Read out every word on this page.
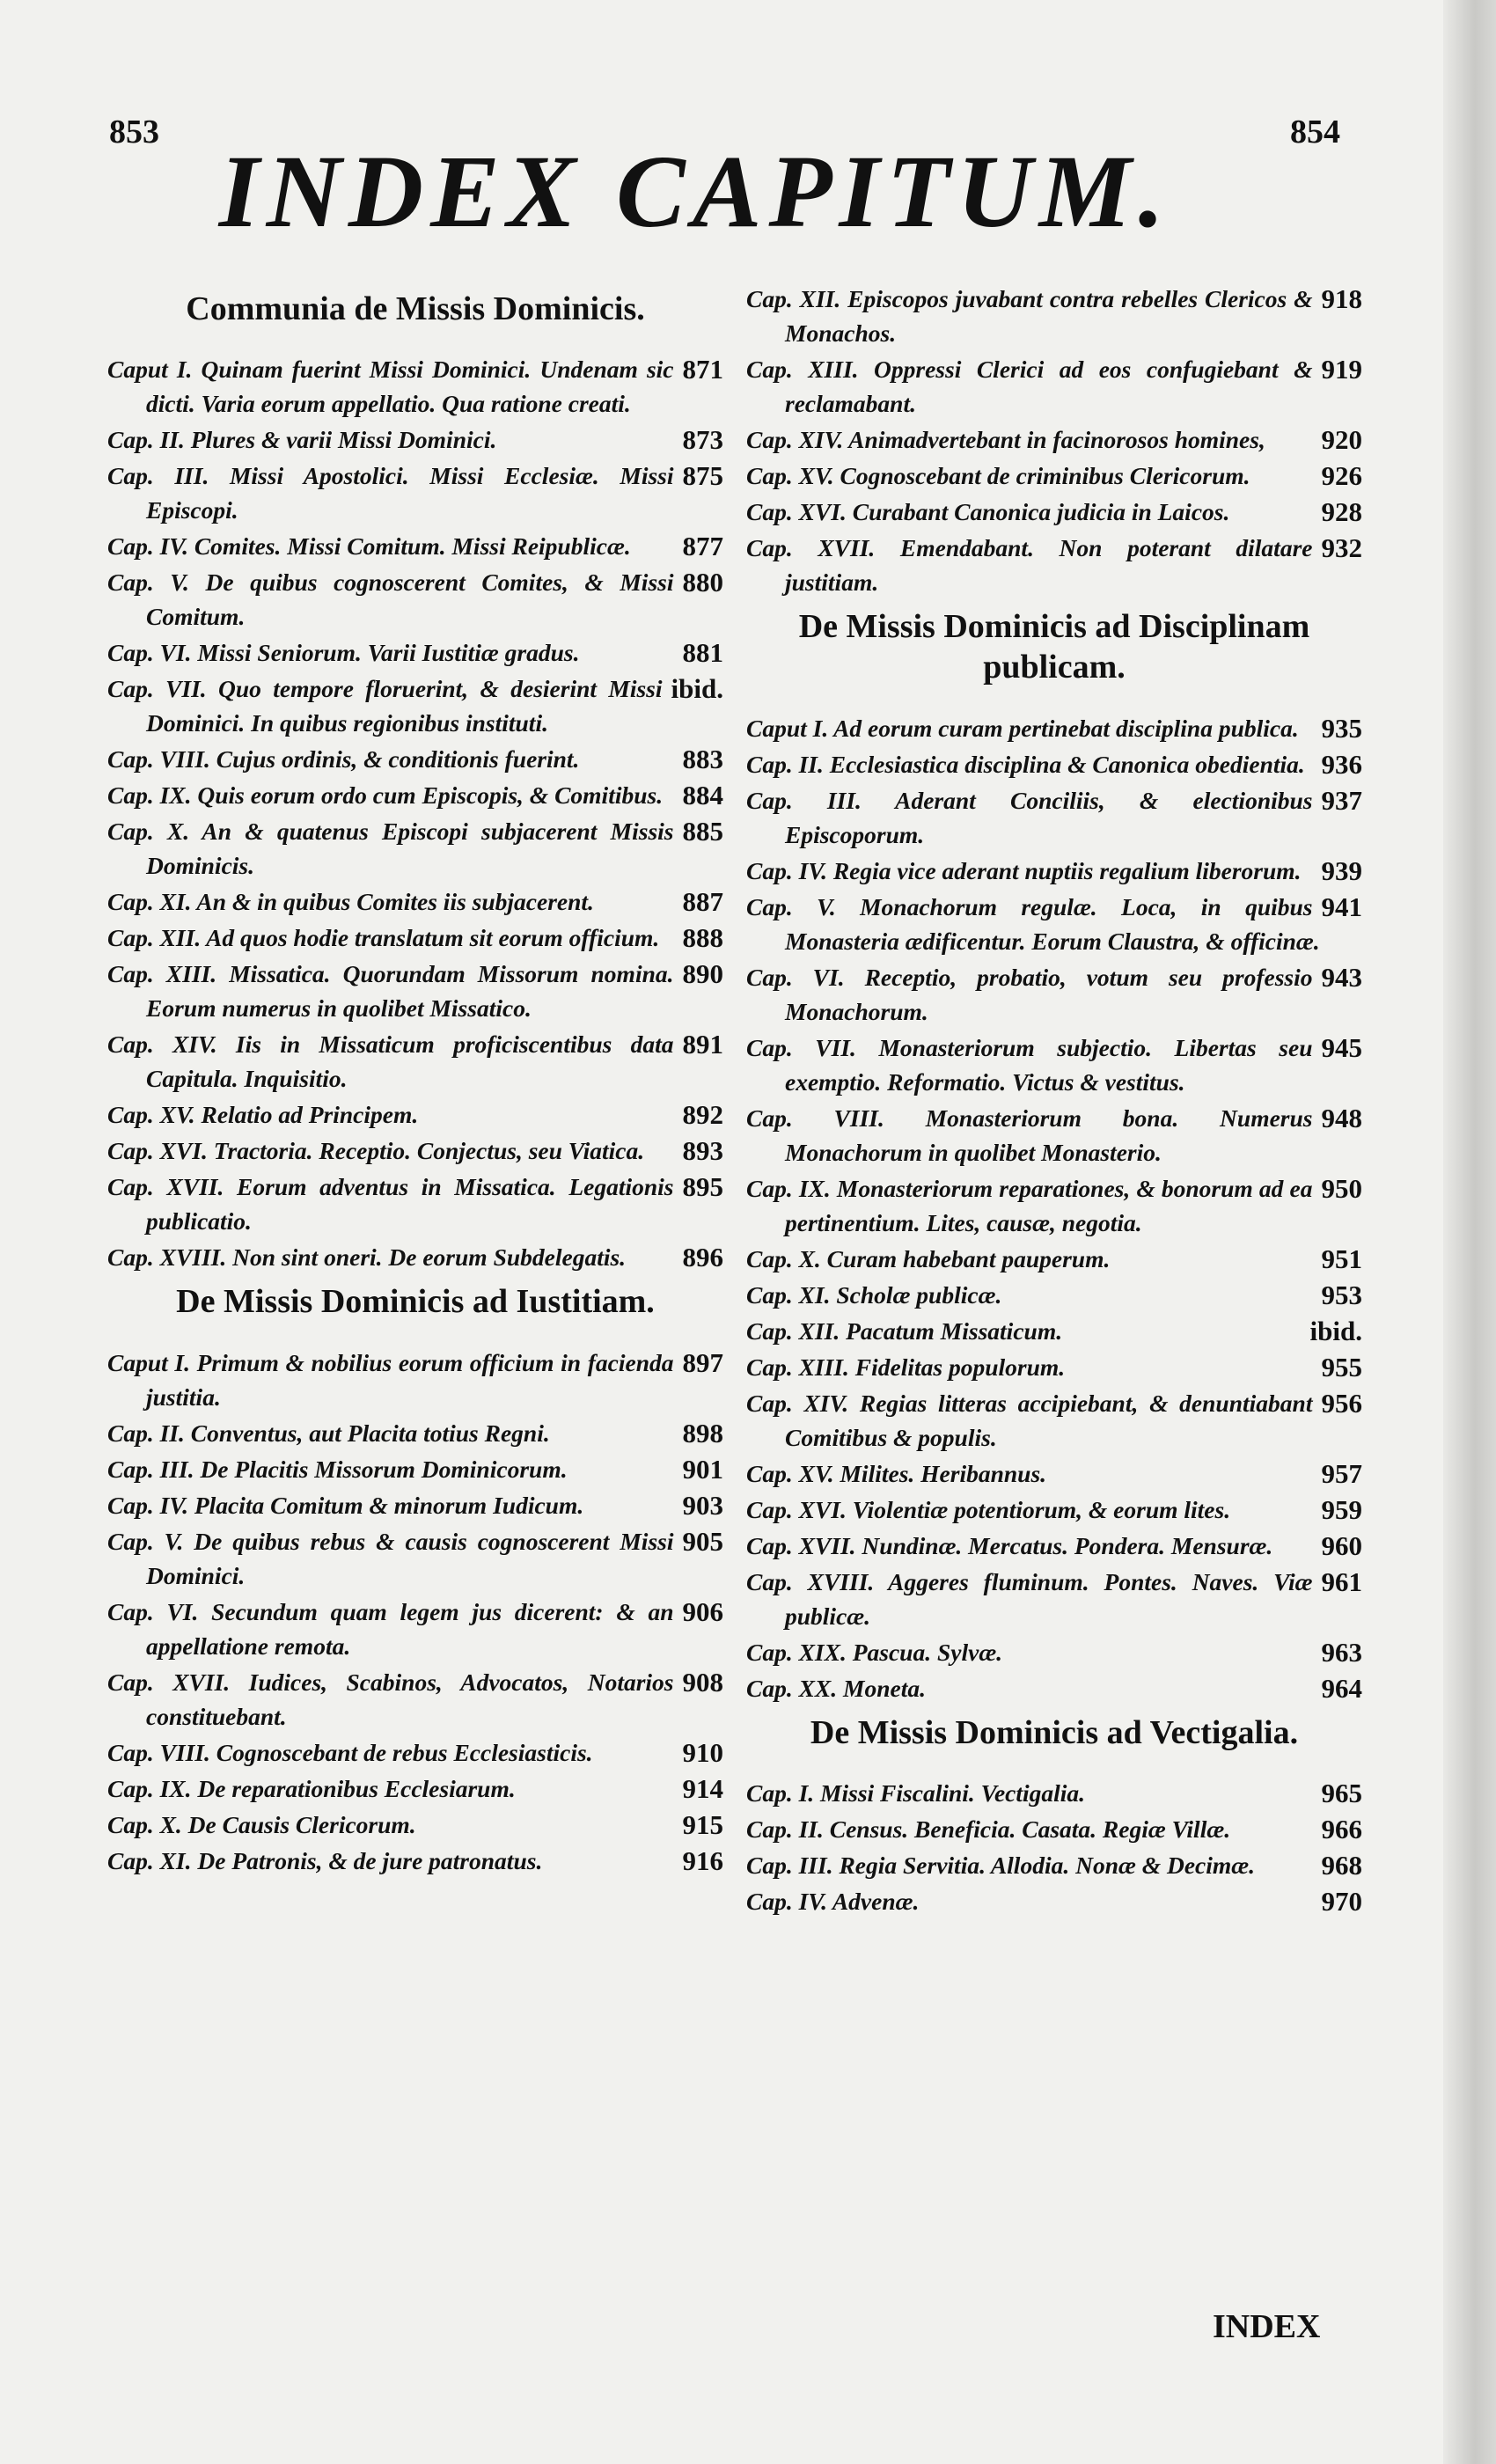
853	854
INDEX CAPITUM.
Communia de Missis Dominicis.
871
Caput I. Quinam fuerint Missi Dominici. Undenam sic dicti. Varia eorum appellatio. Qua ratione creati.
873
Cap. II. Plures & varii Missi Dominici.
875
Cap. III. Missi Apostolici. Missi Ecclesiæ. Missi Episcopi.
877
Cap. IV. Comites. Missi Comitum. Missi Reipublicæ.
880
Cap. V. De quibus cognoscerent Comites, & Missi Comitum.
881
Cap. VI. Missi Seniorum. Varii Iustitiæ gradus.
ibid.
Cap. VII. Quo tempore floruerint, & desierint Missi Dominici. In quibus regionibus instituti.
883
Cap. VIII. Cujus ordinis, & conditionis fuerint.
884
Cap. IX. Quis eorum ordo cum Episcopis, & Comitibus.
885
Cap. X. An & quatenus Episcopi subjacerent Missis Dominicis.
887
Cap. XI. An & in quibus Comites iis subjacerent.
888
Cap. XII. Ad quos hodie translatum sit eorum officium.
890
Cap. XIII. Missatica. Quorundam Missorum nomina. Eorum numerus in quolibet Missatico.
891
Cap. XIV. Iis in Missaticum proficiscentibus data Capitula. Inquisitio.
892
Cap. XV. Relatio ad Principem.
893
Cap. XVI. Tractoria. Receptio. Conjectus, seu Viatica.
895
Cap. XVII. Eorum adventus in Missatica. Legationis publicatio.
896
Cap. XVIII. Non sint oneri. De eorum Subdelegatis.
De Missis Dominicis ad Iustitiam.
897
Caput I. Primum & nobilius eorum officium in facienda justitia.
898
Cap. II. Conventus, aut Placita totius Regni.
901
Cap. III. De Placitis Missorum Dominicorum.
903
Cap. IV. Placita Comitum & minorum Iudicum.
905
Cap. V. De quibus rebus & causis cognoscerent Missi Dominici.
906
Cap. VI. Secundum quam legem jus dicerent: & an appellatione remota.
908
Cap. XVII. Iudices, Scabinos, Advocatos, Notarios constituebant.
910
Cap. VIII. Cognoscebant de rebus Ecclesiasticis.
914
Cap. IX. De reparationibus Ecclesiarum.
915
Cap. X. De Causis Clericorum.
916
Cap. XI. De Patronis, & de jure patronatus.
918
Cap. XII. Episcopos juvabant contra rebelles Clericos & Monachos.
919
Cap. XIII. Oppressi Clerici ad eos confugiebant & reclamabant.
920
Cap. XIV. Animadvertebant in facinorosos homines,
926
Cap. XV. Cognoscebant de criminibus Clericorum.
928
Cap. XVI. Curabant Canonica judicia in Laicos.
932
Cap. XVII. Emendabant. Non poterant dilatare justitiam.
De Missis Dominicis ad Disciplinam publicam.
935
Caput I. Ad eorum curam pertinebat disciplina publica.
936
Cap. II. Ecclesiastica disciplina & Canonica obedientia.
937
Cap. III. Aderant Conciliis, & electionibus Episcoporum.
939
Cap. IV. Regia vice aderant nuptiis regalium liberorum.
941
Cap. V. Monachorum regulæ. Loca, in quibus Monasteria ædificentur. Eorum Claustra, & officinæ.
943
Cap. VI. Receptio, probatio, votum seu professio Monachorum.
945
Cap. VII. Monasteriorum subjectio. Libertas seu exemptio. Reformatio. Victus & vestitus.
948
Cap. VIII. Monasteriorum bona. Numerus Monachorum in quolibet Monasterio.
950
Cap. IX. Monasteriorum reparationes, & bonorum ad ea pertinentium. Lites, causæ, negotia.
951
Cap. X. Curam habebant pauperum.
953
Cap. XI. Scholæ publicæ.
ibid.
Cap. XII. Pacatum Missaticum.
955
Cap. XIII. Fidelitas populorum.
956
Cap. XIV. Regias litteras accipiebant, & denuntiabant Comitibus & populis.
957
Cap. XV. Milites. Heribannus.
959
Cap. XVI. Violentiæ potentiorum, & eorum lites.
960
Cap. XVII. Nundinæ. Mercatus. Pondera. Mensuræ.
961
Cap. XVIII. Aggeres fluminum. Pontes. Naves. Viæ publicæ.
963
Cap. XIX. Pascua. Sylvæ.
964
Cap. XX. Moneta.
De Missis Dominicis ad Vectigalia.
965
Cap. I. Missi Fiscalini. Vectigalia.
966
Cap. II. Census. Beneficia. Casata. Regiæ Villæ.
968
Cap. III. Regia Servitia. Allodia. Nonæ & Decimæ.
970
Cap. IV. Advenæ.
INDEX
